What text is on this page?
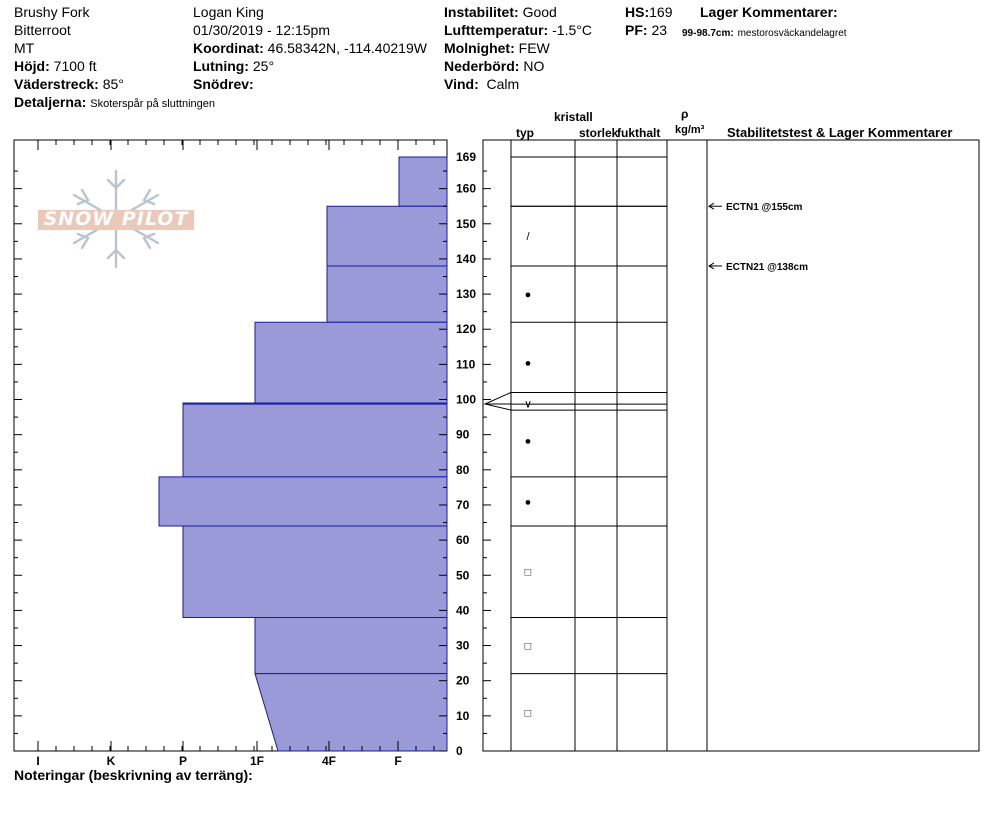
Brushy Fork
Bitterroot
MT
Höjd: 7100 ft
Väderstreck: 85°
Detaljerna: Skoterspår på sluttningen
Logan King
01/30/2019 - 12:15pm
Koordinat: 46.58342N, -114.40219W
Lutning: 25°
Snödrev:
Instabilitet: Good
Lufttemperatur: -1.5°C
Molnighet: FEW
Nederbörd: NO
Vind: Calm
HS:169
PF: 23
Lager Kommentarer:
99-98.7cm: mestorosväckandelagret
kristall
typ	storlek
fukthalt
ρ
kg/m³ Stabilitetstest & Lager Kommentarer
Noteringar (beskrivning av terräng):
SNOW PILOT
I	K	P	1F	4F	F
0
10
20
30
40
50
60
70
80
90
100
110
120
130
140
150
160
169
/
●
●
∨
●
●
□
□
□
ECTN1 @155cm
ECTN21 @138cm
